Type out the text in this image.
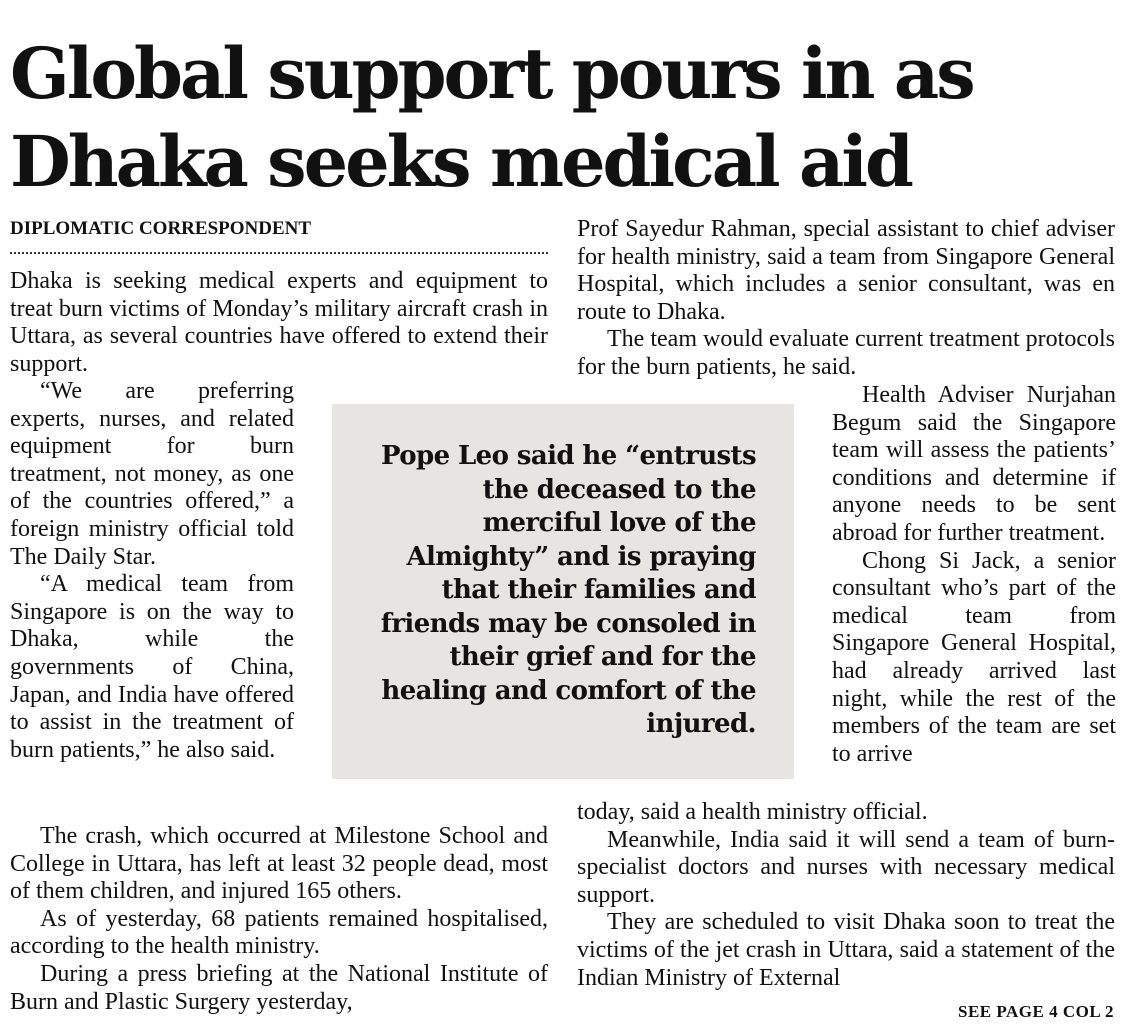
Global support pours in as
Dhaka seeks medical aid
DIPLOMATIC CORRESPONDENT

Dhaka is seeking medical experts and equipment to treat burn victims of Monday’s military aircraft crash in Uttara, as several countries have offered to extend their support.

“We are preferring experts, nurses, and related equipment for burn treatment, not money, as one of the countries offered,” a foreign ministry official told The Daily Star.

“A medical team from Singapore is on the way to Dhaka, while the governments of China, Japan, and India have offered to assist in the treatment of burn patients,” he also said.

The crash, which occurred at Milestone School and College in Uttara, has left at least 32 people dead, most of them children, and injured 165 others.

As of yesterday, 68 patients remained hospitalised, according to the health ministry.

During a press briefing at the National Institute of Burn and Plastic Surgery yesterday,

Pope Leo said he “entrusts the deceased to the merciful love of the Almighty” and is praying that their families and friends may be consoled in their grief and for the healing and comfort of the injured.

Prof Sayedur Rahman, special assistant to chief adviser for health ministry, said a team from Singapore General Hospital, which includes a senior consultant, was en route to Dhaka.

The team would evaluate current treatment protocols for the burn patients, he said.

Health Adviser Nurjahan Begum said the Singapore team will assess the patients’ conditions and determine if anyone needs to be sent abroad for further treatment.

Chong Si Jack, a senior consultant who’s part of the medical team from Singapore General Hospital, had already arrived last night, while the rest of the members of the team are set to arrive

today, said a health ministry official.

Meanwhile, India said it will send a team of burn-specialist doctors and nurses with necessary medical support.

They are scheduled to visit Dhaka soon to treat the victims of the jet crash in Uttara, said a statement of the Indian Ministry of External

SEE PAGE 4 COL 2
